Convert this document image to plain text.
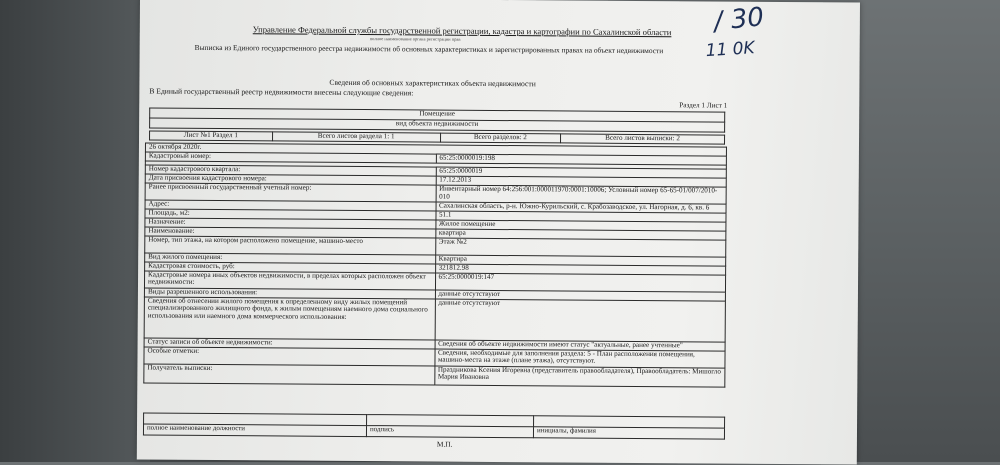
Управление Федеральной службы государственной регистрации, кадастра и картографии по Сахалинской области
полное наименование органа регистрации прав
Выписка из Единого государственного реестра недвижимости об основных характеристиках и зарегистрированных правах на объект недвижимости
/ 30
11 0K
Сведения об основных характеристиках объекта недвижимости
В Единый государственный реестр недвижимости внесены следующие сведения:
Раздел 1 Лист 1
Помещение
вид объекта недвижимости
Лист №1 Раздел 1	Всего листов раздела 1: 1	Всего разделов: 2	Всего листов выписки: 2
26 октября 2020г.	
Кадастровый номер:	65:25:0000019:198

Номер кадастрового квартала:	65:25:0000019
Дата присвоения кадастрового номера:	17.12.2013
Ранее присвоенный государственный учетный номер:	Инвентарный номер 64:256:001:000011970:0001:10006; Условный номер 65-65-01/007/2010-010
Адрес:	Сахалинская область, р-н. Южно-Курильский, с. Крабозаводское, ул. Нагорная, д. 6, кв. 6
Площадь, м2:	51.1
Назначение:	Жилое помещение
Наименование:	квартира
Номер, тип этажа, на котором расположено помещение, машино-место	Этаж №2
Вид жилого помещения:	Квартира
Кадастровая стоимость, руб:	321812.98
Кадастровые номера иных объектов недвижимости, в пределах которых расположен объект недвижимости:	65:25:0000019:147
Виды разрешенного использования:	данные отсутствуют
Сведения об отнесении жилого помещения к определенному виду жилых помещений специализированного жилищного фонда, к жилым помещениям наемного дома социального использования или наемного дома коммерческого использования:	данные отсутствуют
Статус записи об объекте недвижимости:	Сведения об объекте недвижимости имеют статус "актуальные, ранее учтенные"
Особые отметки:	Сведения, необходимые для заполнения раздела: 5 - План расположения помещения, машино-места на этаже (плане этажа), отсутствуют.
Получатель выписки:	Праздникова Ксения Игоревна (представитель правообладателя), Правообладатель: Мишогло Мария Ивановна

полное наименование должности	подпись	инициалы, фамилия
М.П.
